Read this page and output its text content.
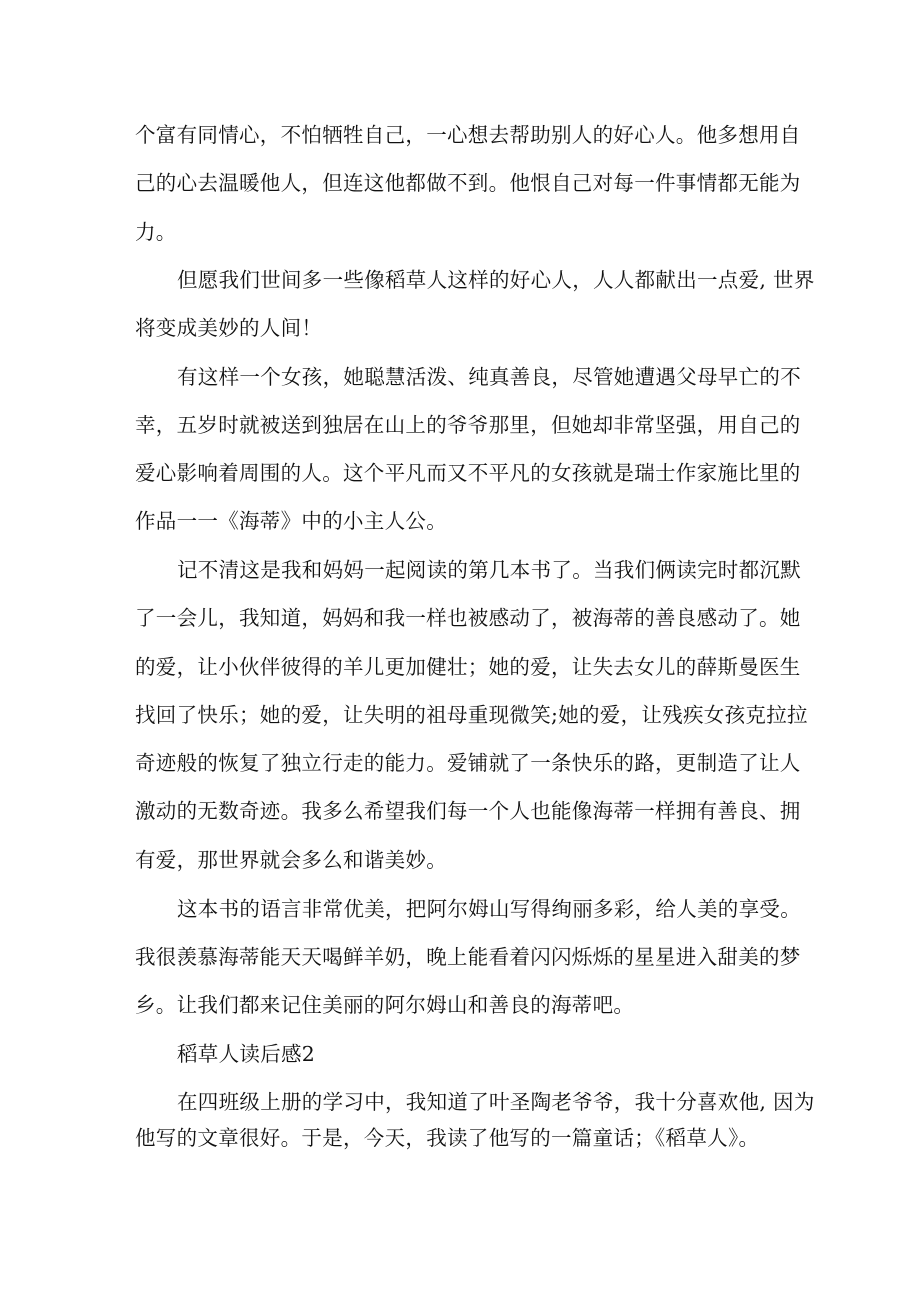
个富有同情心，不怕牺牲自己，一心想去帮助别人的好心人。他多想用自
己的心去温暖他人，但连这他都做不到。他恨自己对每一件事情都无能为
力。
但愿我们世间多一些像稻草人这样的好心人，人人都献出一点爱, 世界
将变成美妙的人间！
有这样一个女孩，她聪慧活泼、纯真善良，尽管她遭遇父母早亡的不
幸，五岁时就被送到独居在山上的爷爷那里，但她却非常坚强，用自己的
爱心影响着周围的人。这个平凡而又不平凡的女孩就是瑞士作家施比里的
作品一一《海蒂》中的小主人公。
记不清这是我和妈妈一起阅读的第几本书了。当我们俩读完时都沉默
了一会儿，我知道，妈妈和我一样也被感动了，被海蒂的善良感动了。她
的爱，让小伙伴彼得的羊儿更加健壮；她的爱，让失去女儿的薛斯曼医生
找回了快乐；她的爱，让失明的祖母重现微笑;她的爱，让残疾女孩克拉拉
奇迹般的恢复了独立行走的能力。爱铺就了一条快乐的路，更制造了让人
激动的无数奇迹。我多么希望我们每一个人也能像海蒂一样拥有善良、拥
有爱，那世界就会多么和谐美妙。
这本书的语言非常优美，把阿尔姆山写得绚丽多彩，给人美的享受。
我很羡慕海蒂能天天喝鲜羊奶，晚上能看着闪闪烁烁的星星进入甜美的梦
乡。让我们都来记住美丽的阿尔姆山和善良的海蒂吧。
稻草人读后感2
在四班级上册的学习中，我知道了叶圣陶老爷爷，我十分喜欢他, 因为
他写的文章很好。于是，今天，我读了他写的一篇童话；《稻草人》。
